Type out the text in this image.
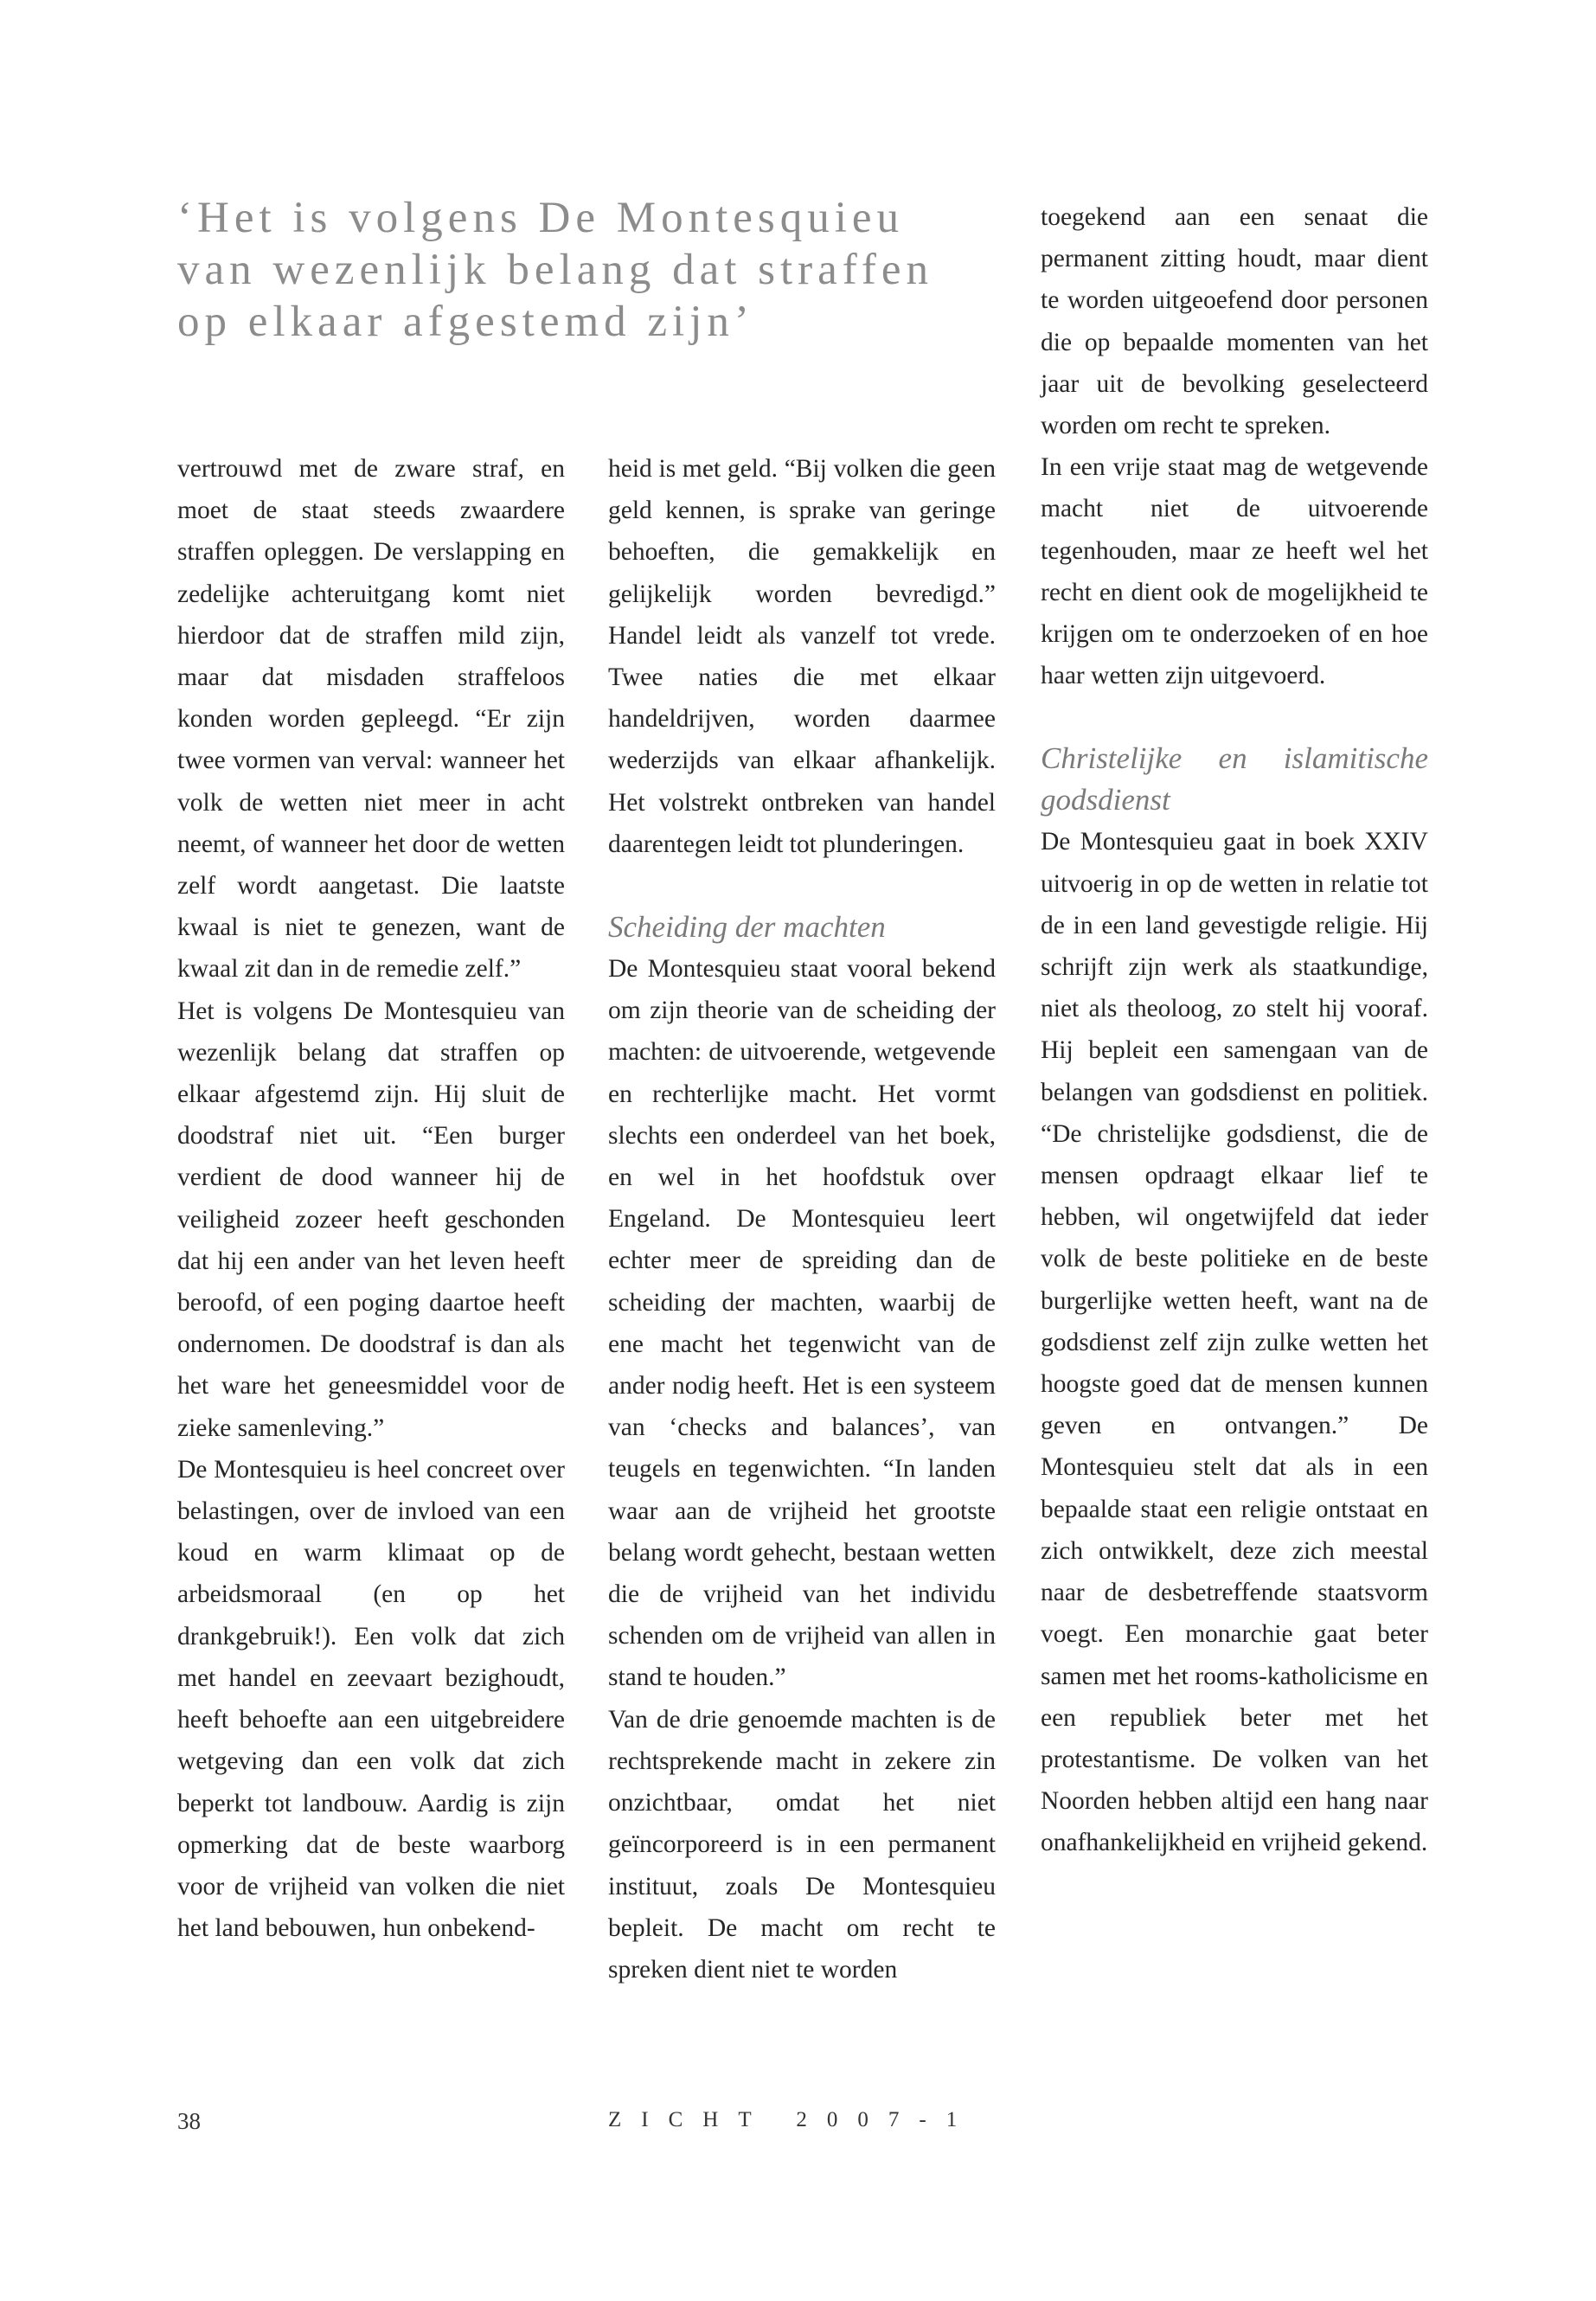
‘Het is volgens De Montesquieu van wezenlijk belang dat straffen op elkaar afgestemd zijn’

vertrouwd met de zware straf, en moet de staat steeds zwaardere straffen opleggen. De verslapping en zedelijke achteruitgang komt niet hierdoor dat de straffen mild zijn, maar dat misdaden straffeloos konden worden gepleegd. “Er zijn twee vormen van verval: wanneer het volk de wetten niet meer in acht neemt, of wanneer het door de wetten zelf wordt aangetast. Die laatste kwaal is niet te genezen, want de kwaal zit dan in de remedie zelf.”

Het is volgens De Montesquieu van wezenlijk belang dat straffen op elkaar afgestemd zijn. Hij sluit de doodstraf niet uit. “Een burger verdient de dood wanneer hij de veiligheid zozeer heeft geschonden dat hij een ander van het leven heeft beroofd, of een poging daartoe heeft ondernomen. De doodstraf is dan als het ware het geneesmiddel voor de zieke samenleving.”

De Montesquieu is heel concreet over belastingen, over de invloed van een koud en warm klimaat op de arbeidsmoraal (en op het drankgebruik!). Een volk dat zich met handel en zeevaart bezighoudt, heeft behoefte aan een uitgebreidere wetgeving dan een volk dat zich beperkt tot landbouw. Aardig is zijn opmerking dat de beste waarborg voor de vrijheid van volken die niet het land bebouwen, hun onbekend-

heid is met geld. “Bij volken die geen geld kennen, is sprake van geringe behoeften, die gemakkelijk en gelijkelijk worden bevredigd.” Handel leidt als vanzelf tot vrede. Twee naties die met elkaar handeldrijven, worden daarmee wederzijds van elkaar afhankelijk. Het volstrekt ontbreken van handel daarentegen leidt tot plunderingen.

Scheiding der machten

De Montesquieu staat vooral bekend om zijn theorie van de scheiding der machten: de uitvoerende, wetgevende en rechterlijke macht. Het vormt slechts een onderdeel van het boek, en wel in het hoofdstuk over Engeland. De Montesquieu leert echter meer de spreiding dan de scheiding der machten, waarbij de ene macht het tegenwicht van de ander nodig heeft. Het is een systeem van ‘checks and balances’, van teugels en tegenwichten. “In landen waar aan de vrijheid het grootste belang wordt gehecht, bestaan wetten die de vrijheid van het individu schenden om de vrijheid van allen in stand te houden.”

Van de drie genoemde machten is de rechtsprekende macht in zekere zin onzichtbaar, omdat het niet geïncorporeerd is in een permanent instituut, zoals De Montesquieu bepleit. De macht om recht te spreken dient niet te worden

toegekend aan een senaat die permanent zitting houdt, maar dient te worden uitgeoefend door personen die op bepaalde momenten van het jaar uit de bevolking geselecteerd worden om recht te spreken.

In een vrije staat mag de wetgevende macht niet de uitvoerende tegenhouden, maar ze heeft wel het recht en dient ook de mogelijkheid te krijgen om te onderzoeken of en hoe haar wetten zijn uitgevoerd.

Christelijke en islamitische godsdienst

De Montesquieu gaat in boek XXIV uitvoerig in op de wetten in relatie tot de in een land gevestigde religie. Hij schrijft zijn werk als staatkundige, niet als theoloog, zo stelt hij vooraf. Hij bepleit een samengaan van de belangen van godsdienst en politiek. “De christelijke godsdienst, die de mensen opdraagt elkaar lief te hebben, wil ongetwijfeld dat ieder volk de beste politieke en de beste burgerlijke wetten heeft, want na de godsdienst zelf zijn zulke wetten het hoogste goed dat de mensen kunnen geven en ontvangen.” De Montesquieu stelt dat als in een bepaalde staat een religie ontstaat en zich ontwikkelt, deze zich meestal naar de desbetreffende staatsvorm voegt. Een monarchie gaat beter samen met het rooms-katholicisme en een republiek beter met het protestantisme. De volken van het Noorden hebben altijd een hang naar onafhankelijkheid en vrijheid gekend.

38	ZICHT 2007-1
